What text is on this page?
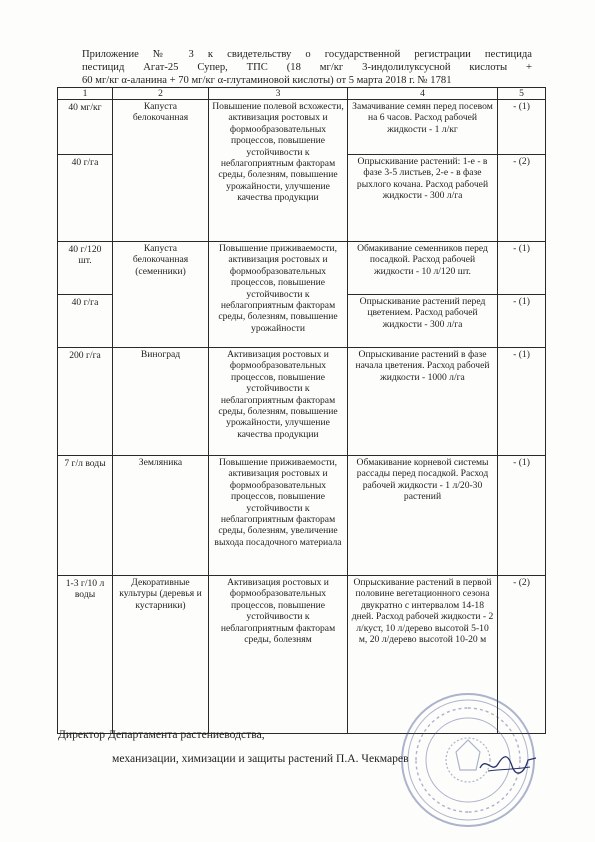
Приложение № 3 к свидетельству о государственной регистрации пестицида
пестицид Агат-25 Супер, ТПС (18 мг/кг 3-индолилуксусной кислоты +
60 мг/кг α-аланина + 70 мг/кг α-глутаминовой кислоты) от 5 марта 2018 г. № 1781
1	2	3	4	5
40 мг/кг	Капуста белокочанная	Повышение полевой всхожести, активизация ростовых и формообразовательных процессов, повышение устойчивости к неблагоприятным факторам среды, болезням, повышение урожайности, улучшение качества продукции	Замачивание семян перед посевом на 6 часов. Расход рабочей жидкости - 1 л/кг	- (1)
40 г/га			Опрыскивание растений: 1-е - в фазе 3-5 листьев, 2-е - в фазе рыхлого кочана. Расход рабочей жидкости - 300 л/га	- (2)
40 г/120 шт.	Капуста белокочанная (семенники)	Повышение приживаемости, активизация ростовых и формообразовательных процессов, повышение устойчивости к неблагоприятным факторам среды, болезням, повышение урожайности	Обмакивание семенников перед посадкой. Расход рабочей жидкости - 10 л/120 шт.	- (1)
40 г/га			Опрыскивание растений перед цветением. Расход рабочей жидкости - 300 л/га	- (1)
200 г/га	Виноград	Активизация ростовых и формообразовательных процессов, повышение устойчивости к неблагоприятным факторам среды, болезням, повышение урожайности, улучшение качества продукции	Опрыскивание растений в фазе начала цветения. Расход рабочей жидкости - 1000 л/га	- (1)
7 г/л воды	Земляника	Повышение приживаемости, активизация ростовых и формообразовательных процессов, повышение устойчивости к неблагоприятным факторам среды, болезням, увеличение выхода посадочного материала	Обмакивание корневой системы рассады перед посадкой. Расход рабочей жидкости - 1 л/20-30 растений	- (1)
1-3 г/10 л воды	Декоративные культуры (деревья и кустарники)	Активизация ростовых и формообразовательных процессов, повышение устойчивости к неблагоприятным факторам среды, болезням	Опрыскивание растений в первой половине вегетационного сезона двукратно с интервалом 14-18 дней. Расход рабочей жидкости - 2 л/куст, 10 л/дерево высотой 5-10 м, 20 л/дерево высотой 10-20 м	- (2)
Директор Департамента растениеводства,
механизации, химизации и защиты растений П.А. Чекмарев
